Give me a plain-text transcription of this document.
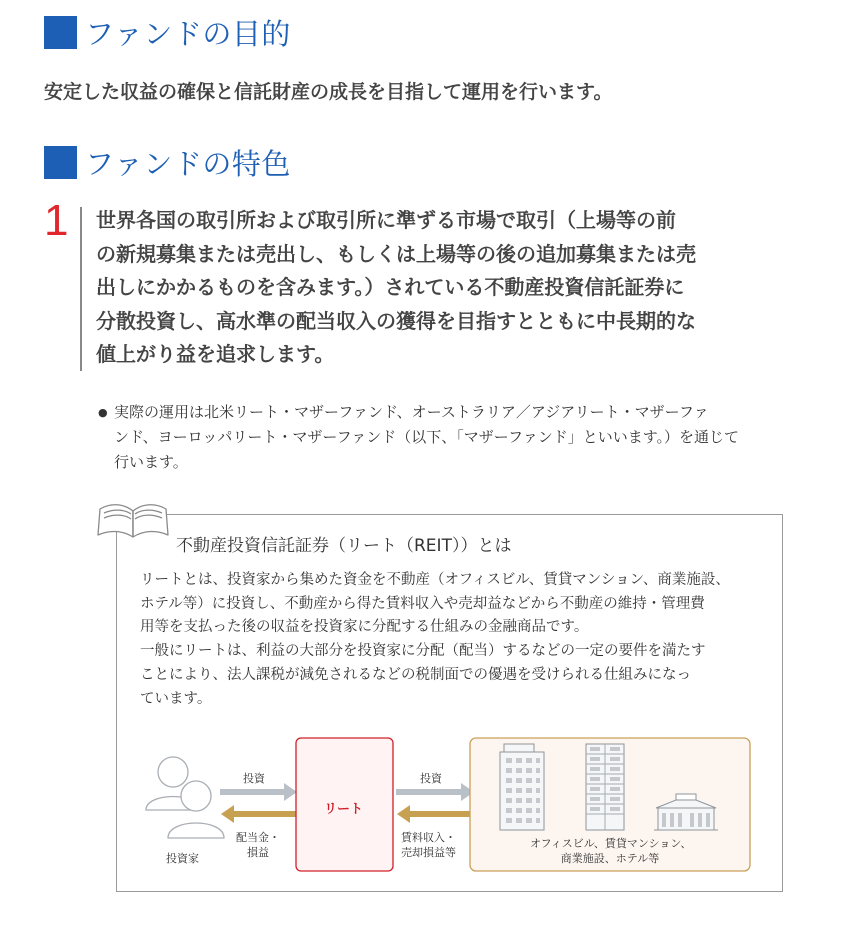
ファンドの目的
安定した収益の確保と信託財産の成長を目指して運用を行います。
ファンドの特色
1 世界各国の取引所および取引所に準ずる市場で取引（上場等の前
の新規募集または売出し、もしくは上場等の後の追加募集または売
出しにかかるものを含みます。）されている不動産投資信託証券に
分散投資し、高水準の配当収入の獲得を目指すとともに中長期的な
値上がり益を追求します。
● 実際の運用は北米リート・マザーファンド、オーストラリア／アジアリート・マザーファ
ンド、ヨーロッパリート・マザーファンド（以下、「マザーファンド」といいます。）を通じて
行います。
不動産投資信託証券（リート（REIT））とは
リートとは、投資家から集めた資金を不動産（オフィスビル、賃貸マンション、商業施設、
ホテル等）に投資し、不動産から得た賃料収入や売却益などから不動産の維持・管理費
用等を支払った後の収益を投資家に分配する仕組みの金融商品です。
一般にリートは、利益の大部分を投資家に分配（配当）するなどの一定の要件を満たす
ことにより、法人課税が減免されるなどの税制面での優遇を受けられる仕組みになっ
ています。
投資
配当金・
損益
投資家
リート
投資
賃料収入・
売却損益等
オフィスビル、賃貸マンション、
商業施設、ホテル等
